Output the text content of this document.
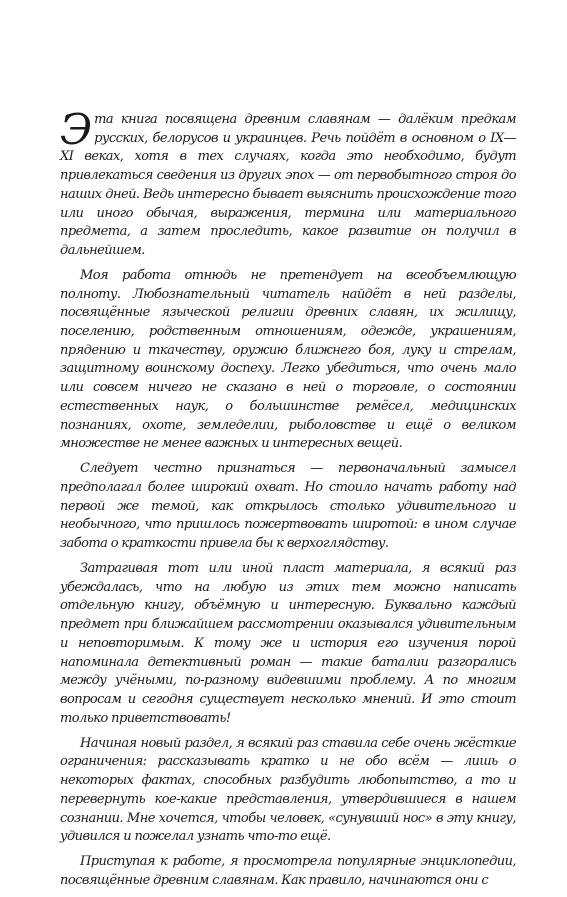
Эта книга посвящена древним славянам — далёким предкам русских, белорусов и украинцев. Речь пойдёт в основном о IX—XI веках, хотя в тех случаях, когда это необходимо, будут привлекаться сведения из других эпох — от первобытного строя до наших дней. Ведь интересно бывает выяснить происхождение того или иного обычая, выражения, термина или материального предмета, а затем проследить, какое развитие он получил в дальнейшем.

Моя работа отнюдь не претендует на всеобъемлющую полноту. Любознательный читатель найдёт в ней разделы, посвящённые языческой религии древних славян, их жилищу, поселению, родственным отношениям, одежде, украшениям, прядению и ткачеству, оружию ближнего боя, луку и стрелам, защитному воинскому доспеху. Легко убедиться, что очень мало или совсем ничего не сказано в ней о торговле, о состоянии естественных наук, о большинстве ремёсел, медицинских познаниях, охоте, земледелии, рыболовстве и ещё о великом множестве не менее важных и интересных вещей.

Следует честно признаться — первоначальный замысел предполагал более широкий охват. Но стоило начать работу над первой же темой, как открылось столько удивительного и необычного, что пришлось пожертвовать широтой: в ином случае забота о краткости привела бы к верхоглядству.

Затрагивая тот или иной пласт материала, я всякий раз убеждалась, что на любую из этих тем можно написать отдельную книгу, объёмную и интересную. Буквально каждый предмет при ближайшем рассмотрении оказывался удивительным и неповторимым. К тому же и история его изучения порой напоминала детективный роман — такие баталии разгорались между учёными, по-разному видевшими проблему. А по многим вопросам и сегодня существует несколько мнений. И это стоит только приветствовать!

Начиная новый раздел, я всякий раз ставила себе очень жёсткие ограничения: рассказывать кратко и не обо всём — лишь о некоторых фактах, способных разбудить любопытство, а то и перевернуть кое-какие представления, утвердившиеся в нашем сознании. Мне хочется, чтобы человек, «сунувший нос» в эту книгу, удивился и пожелал узнать что-то ещё.

Приступая к работе, я просмотрела популярные энциклопедии, посвящённые древним славянам. Как правило, начинаются они с
